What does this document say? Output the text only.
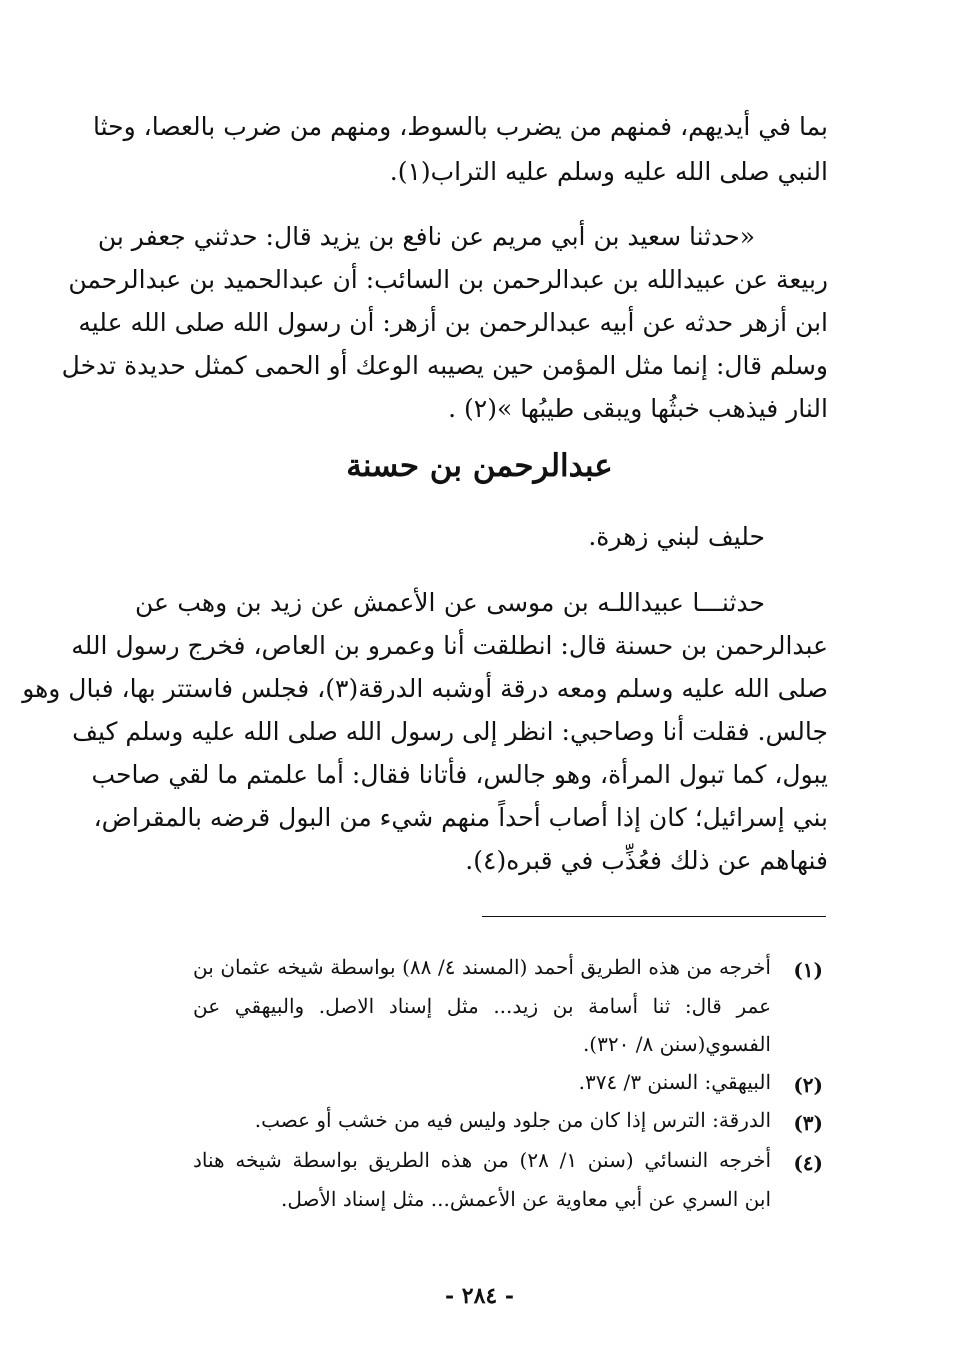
بما في أيديهم، فمنهم من يضرب بالسوط، ومنهم من ضرب بالعصا، وحثا
النبي صلى الله عليه وسلم عليه التراب(١).
«حدثنا سعيد بن أبي مريم عن نافع بن يزيد قال: حدثني جعفر بن
ربيعة عن عبيدالله بن عبدالرحمن بن السائب: أن عبدالحميد بن عبدالرحمن
ابن أزهر حدثه عن أبيه عبدالرحمن بن أزهر: أن رسول الله صلى الله عليه
وسلم قال: إنما مثل المؤمن حين يصيبه الوعك أو الحمى كمثل حديدة تدخل
النار فيذهب خبثُها ويبقى طيبُها »(٢) .
عبدالرحمن بن حسنة
حليف لبني زهرة.
حدثنـــا عبيداللـه بن موسى عن الأعمش عن زيد بن وهب عن
عبدالرحمن بن حسنة قال: انطلقت أنا وعمرو بن العاص، فخرج رسول الله
صلى الله عليه وسلم ومعه درقة أوشبه الدرقة(٣)، فجلس فاستتر بها، فبال وهو
جالس. فقلت أنا وصاحبي: انظر إلى رسول الله صلى الله عليه وسلم كيف
يبول، كما تبول المرأة، وهو جالس، فأتانا فقال: أما علمتم ما لقي صاحب
بني إسرائيل؛ كان إذا أصاب أحداً منهم شيء من البول قرضه بالمقراض،
فنهاهم عن ذلك فعُذِّب في قبره(٤).
(١)
أخرجه من هذه الطريق أحمد (المسند ٤/ ٨٨) بواسطة شيخه عثمان بن
عمر قال: ثنا أسامة بن زيد... مثل إسناد الاصل. والبيهقي عن
الفسوي(سنن ٨/ ٣٢٠).
(٢)
البيهقي: السنن ٣/ ٣٧٤.
(٣)
الدرقة: الترس إذا كان من جلود وليس فيه من خشب أو عصب.
(٤)
أخرجه النسائي (سنن ١/ ٢٨) من هذه الطريق بواسطة شيخه هناد
ابن السري عن أبي معاوية عن الأعمش... مثل إسناد الأصل.
- ٢٨٤ -
